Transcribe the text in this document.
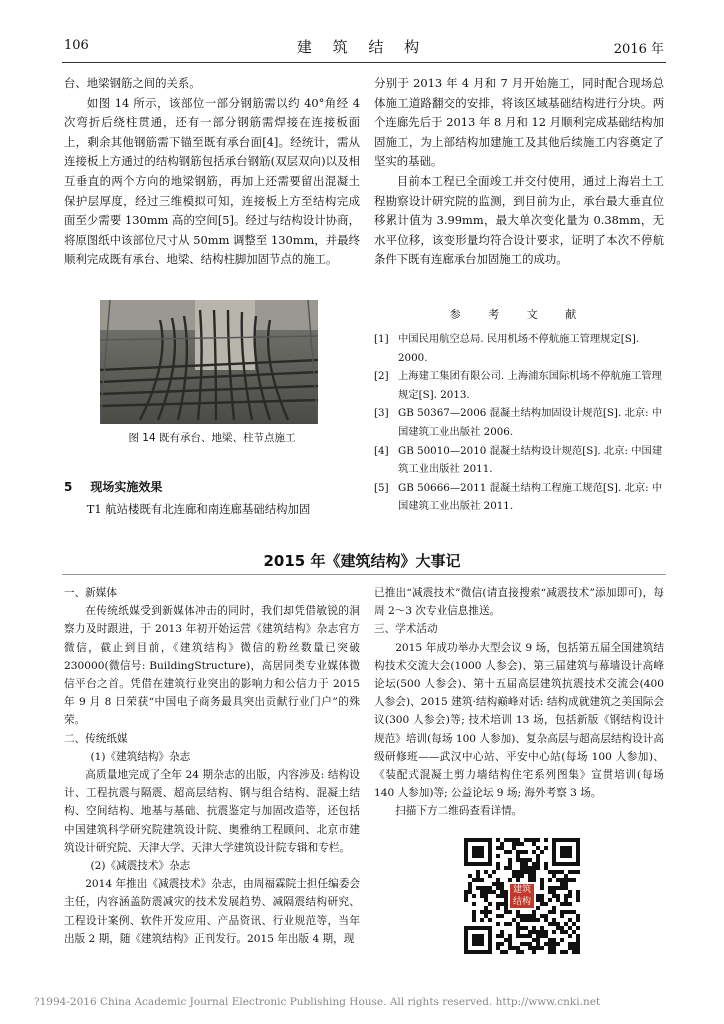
106	建 筑 结 构	2016 年

台、地梁钢筋之间的关系。

如图 14 所示，该部位一部分钢筋需以约 40°角经 4 次弯折后绕柱贯通，还有一部分钢筋需焊接在连接板面上，剩余其他钢筋需下锚至既有承台面[4]。经统计，需从连接板上方通过的结构钢筋包括承台钢筋(双层双向)以及相互垂直的两个方向的地梁钢筋，再加上还需要留出混凝土保护层厚度，经过三维模拟可知，连接板上方至结构完成面至少需要 130mm 高的空间[5]。经过与结构设计协商，将原图纸中该部位尺寸从 50mm 调整至 130mm，并最终顺利完成既有承台、地梁、结构柱脚加固节点的施工。

图 14 既有承台、地梁、柱节点施工
5 现场实施效果

T1 航站楼既有北连廊和南连廊基础结构加固

分别于 2013 年 4 月和 7 月开始施工，同时配合现场总体施工道路翻交的安排，将该区域基础结构进行分块。两个连廊先后于 2013 年 8 月和 12 月顺利完成基础结构加固施工，为上部结构加建施工及其他后续施工内容奠定了坚实的基础。

目前本工程已全面竣工并交付使用，通过上海岩土工程勘察设计研究院的监测，到目前为止，承台最大垂直位移累计值为 3.99mm，最大单次变化量为 0.38mm，无水平位移，该变形量均符合设计要求，证明了本次不停航条件下既有连廊承台加固施工的成功。

参 考 文 献
[1] 中国民用航空总局. 民用机场不停航施工管理规定[S]. 2000.
[2] 上海建工集团有限公司. 上海浦东国际机场不停航施工管理规定[S]. 2013.
[3] GB 50367—2006 混凝土结构加固设计规范[S]. 北京: 中国建筑工业出版社 2006.
[4] GB 50010—2010 混凝土结构设计规范[S]. 北京: 中国建筑工业出版社 2011.
[5] GB 50666—2011 混凝土结构工程施工规范[S]. 北京: 中国建筑工业出版社 2011.
2015 年《建筑结构》大事记

一、新媒体

在传统纸媒受到新媒体冲击的同时，我们却凭借敏锐的洞察力及时跟进，于 2013 年初开始运营《建筑结构》杂志官方微信，截止到目前，《建筑结构》微信的粉丝数量已突破 230000(微信号: BuildingStructure)，高居同类专业媒体微信平台之首。凭借在建筑行业突出的影响力和公信力于 2015 年 9 月 8 日荣获“中国电子商务最具突出贡献行业门户”的殊荣。

二、传统纸媒

(1)《建筑结构》杂志

高质量地完成了全年 24 期杂志的出版，内容涉及: 结构设计、工程抗震与隔震、超高层结构、钢与组合结构、混凝土结构、空间结构、地基与基础、抗震鉴定与加固改造等，还包括中国建筑科学研究院建筑设计院、奥雅纳工程顾问、北京市建筑设计研究院、天津大学、天津大学建筑设计院专辑和专栏。

(2)《减震技术》杂志

2014 年推出《减震技术》杂志，由周福霖院士担任编委会主任，内容涵盖防震减灾的技术发展趋势、减隔震结构研究、工程设计案例、软件开发应用、产品资讯、行业规范等，当年出版 2 期，随《建筑结构》正刊发行。2015 年出版 4 期，现

已推出“减震技术”微信(请直接搜索“减震技术”添加即可)，每周 2～3 次专业信息推送。

三、学术活动

2015 年成功举办大型会议 9 场，包括第五届全国建筑结构技术交流大会(1000 人参会)、第三届建筑与幕墙设计高峰论坛(500 人参会)、第十五届高层建筑抗震技术交流会(400 人参会)、2015 建筑·结构巅峰对话: 结构成就建筑之美国际会议(300 人参会)等; 技术培训 13 场，包括新版《钢结构设计规范》培训(每场 100 人参加)、复杂高层与超高层结构设计高级研修班——武汉中心站、平安中心站(每场 100 人参加)、《装配式混凝土剪力墙结构住宅系列图集》宣贯培训(每场 140 人参加)等; 公益论坛 9 场; 海外考察 3 场。

扫描下方二维码查看详情。

建筑结构
?1994-2016 China Academic Journal Electronic Publishing House. All rights reserved. http://www.cnki.net
